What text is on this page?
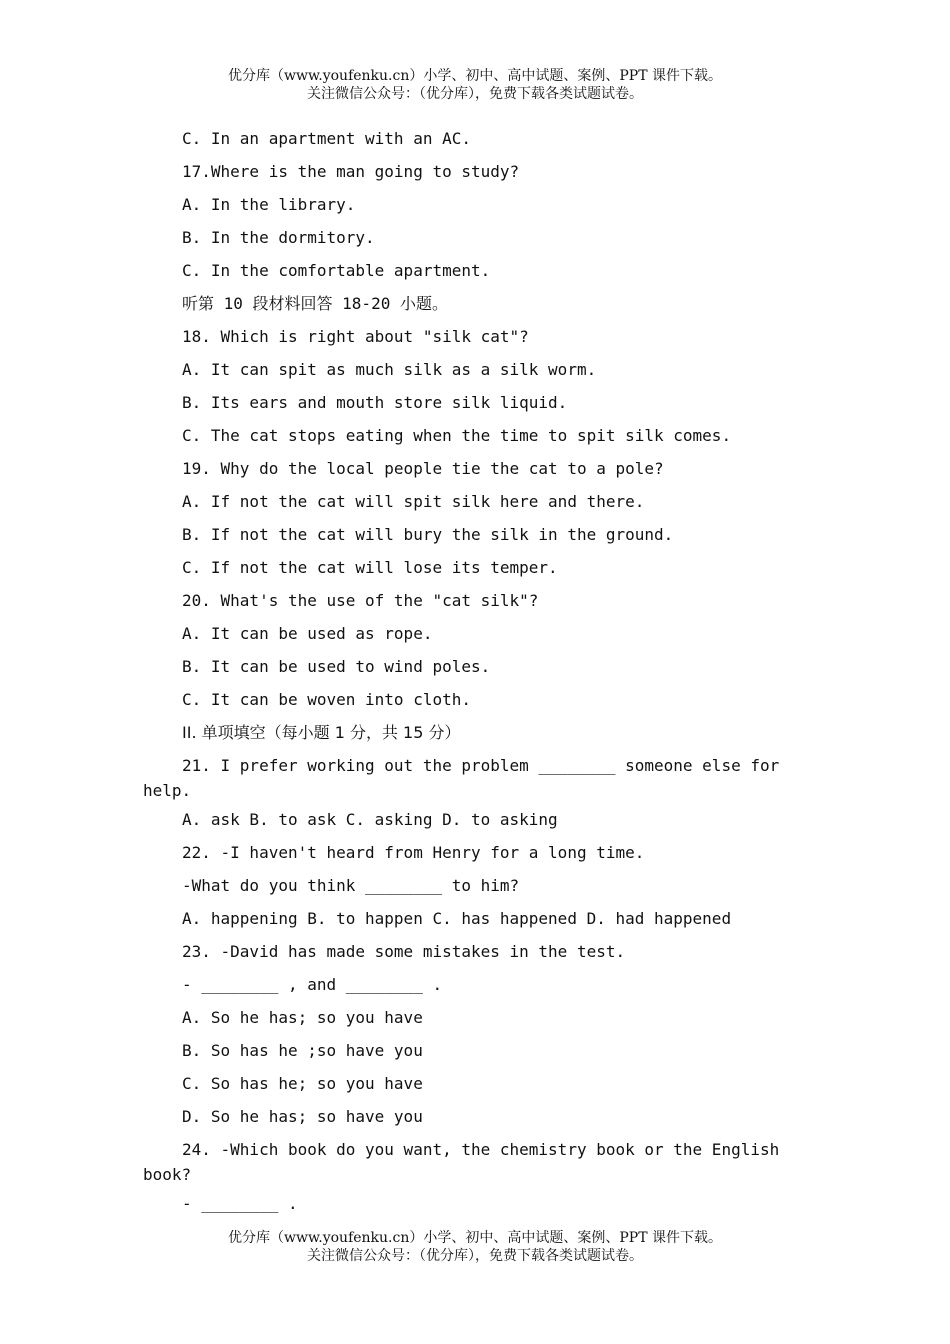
优分库（www.youfenku.cn）小学、初中、高中试题、案例、PPT 课件下载。
关注微信公众号：（优分库），免费下载各类试题试卷。
C. In an apartment with an AC.
17.Where is the man going to study?
A. In the library.
B. In the dormitory.
C. In the comfortable apartment.
听第 10 段材料回答 18-20 小题。
18. Which is right about "silk cat"?
A. It can spit as much silk as a silk worm.
B. Its ears and mouth store silk liquid.
C. The cat stops eating when the time to spit silk comes.
19. Why do the local people tie the cat to a pole?
A. If not the cat will spit silk here and there.
B. If not the cat will bury the silk in the ground.
C. If not the cat will lose its temper.
20. What's the use of the "cat silk"?
A. It can be used as rope.
B. It can be used to wind poles.
C. It can be woven into cloth.
II. 单项填空（每小题 1 分，共 15 分）
21. I prefer working out the problem ________ someone else for
help.
A. ask B. to ask C. asking D. to asking
22. -I haven't heard from Henry for a long time.
-What do you think ________ to him?
A. happening B. to happen C. has happened D. had happened
23. -David has made some mistakes in the test.
- ________ , and ________ .
A. So he has; so you have
B. So has he ;so have you
C. So has he; so you have
D. So he has; so have you
24. -Which book do you want, the chemistry book or the English
book?
- ________ .
优分库（www.youfenku.cn）小学、初中、高中试题、案例、PPT 课件下载。
关注微信公众号：（优分库），免费下载各类试题试卷。
